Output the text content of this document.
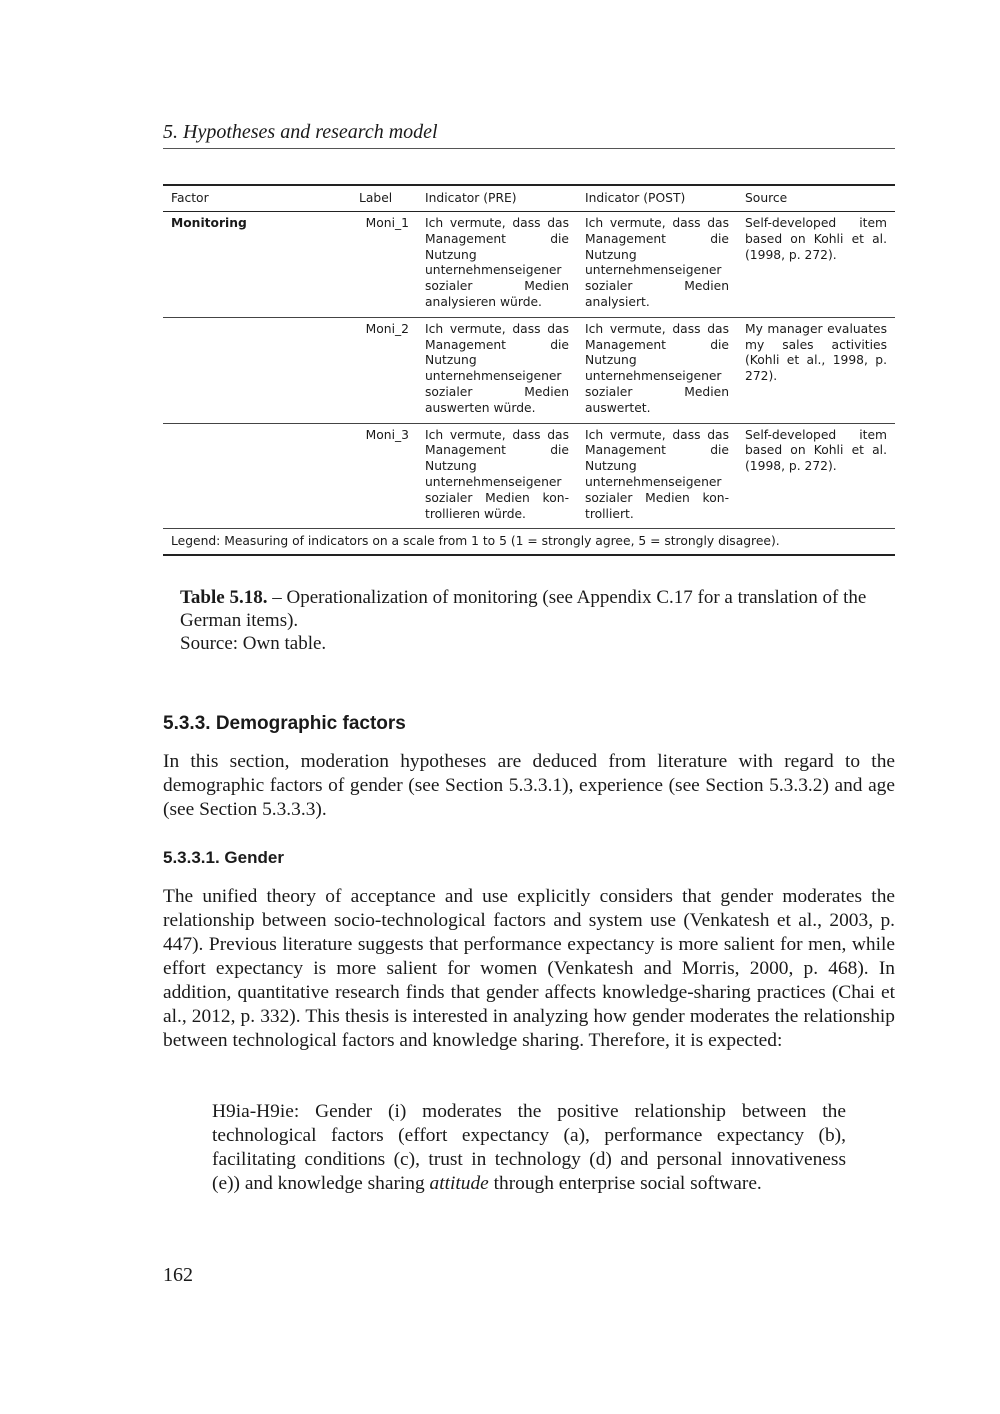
5. Hypotheses and research model
Factor	Label	Indicator (PRE)	Indicator (POST)	Source
Monitoring	Moni_1	Ich vermute, dass das Management die Nutzung unternehmenseigener sozialer Medien analysieren würde.	Ich vermute, dass das Management die Nutzung unternehmenseigener sozialer Medien analysiert.	Self-developed item based on Kohli et al. (1998, p. 272).
	Moni_2	Ich vermute, dass das Management die Nutzung unternehmenseigener sozialer Medien auswerten würde.	Ich vermute, dass das Management die Nutzung unternehmenseigener sozialer Medien auswertet.	My manager evaluates my sales activities (Kohli et al., 1998, p. 272).
	Moni_3	Ich vermute, dass das Management die Nutzung unternehmenseigener sozialer Medien kontrollieren würde.	Ich vermute, dass das Management die Nutzung unternehmenseigener sozialer Medien kontrolliert.	Self-developed item based on Kohli et al. (1998, p. 272).
Legend: Measuring of indicators on a scale from 1 to 5 (1 = strongly agree, 5 = strongly disagree).				
Table 5.18. – Operationalization of monitoring (see Appendix C.17 for a translation of the German items).
Source: Own table.
5.3.3. Demographic factors

In this section, moderation hypotheses are deduced from literature with regard to the demographic factors of gender (see Section 5.3.3.1), experience (see Section 5.3.3.2) and age (see Section 5.3.3.3).

5.3.3.1. Gender

The unified theory of acceptance and use explicitly considers that gender moderates the relationship between socio-technological factors and system use (Venkatesh et al., 2003, p. 447). Previous literature suggests that performance expectancy is more salient for men, while effort expectancy is more salient for women (Venkatesh and Morris, 2000, p. 468). In addition, quantitative research finds that gender affects knowledge-sharing practices (Chai et al., 2012, p. 332). This thesis is interested in analyzing how gender moderates the relationship between technological factors and knowledge sharing. Therefore, it is expected:

H9ia-H9ie: Gender (i) moderates the positive relationship between the technological factors (effort expectancy (a), performance expectancy (b), facilitating conditions (c), trust in technology (d) and personal innovativeness (e)) and knowledge sharing attitude through enterprise social software.

162
